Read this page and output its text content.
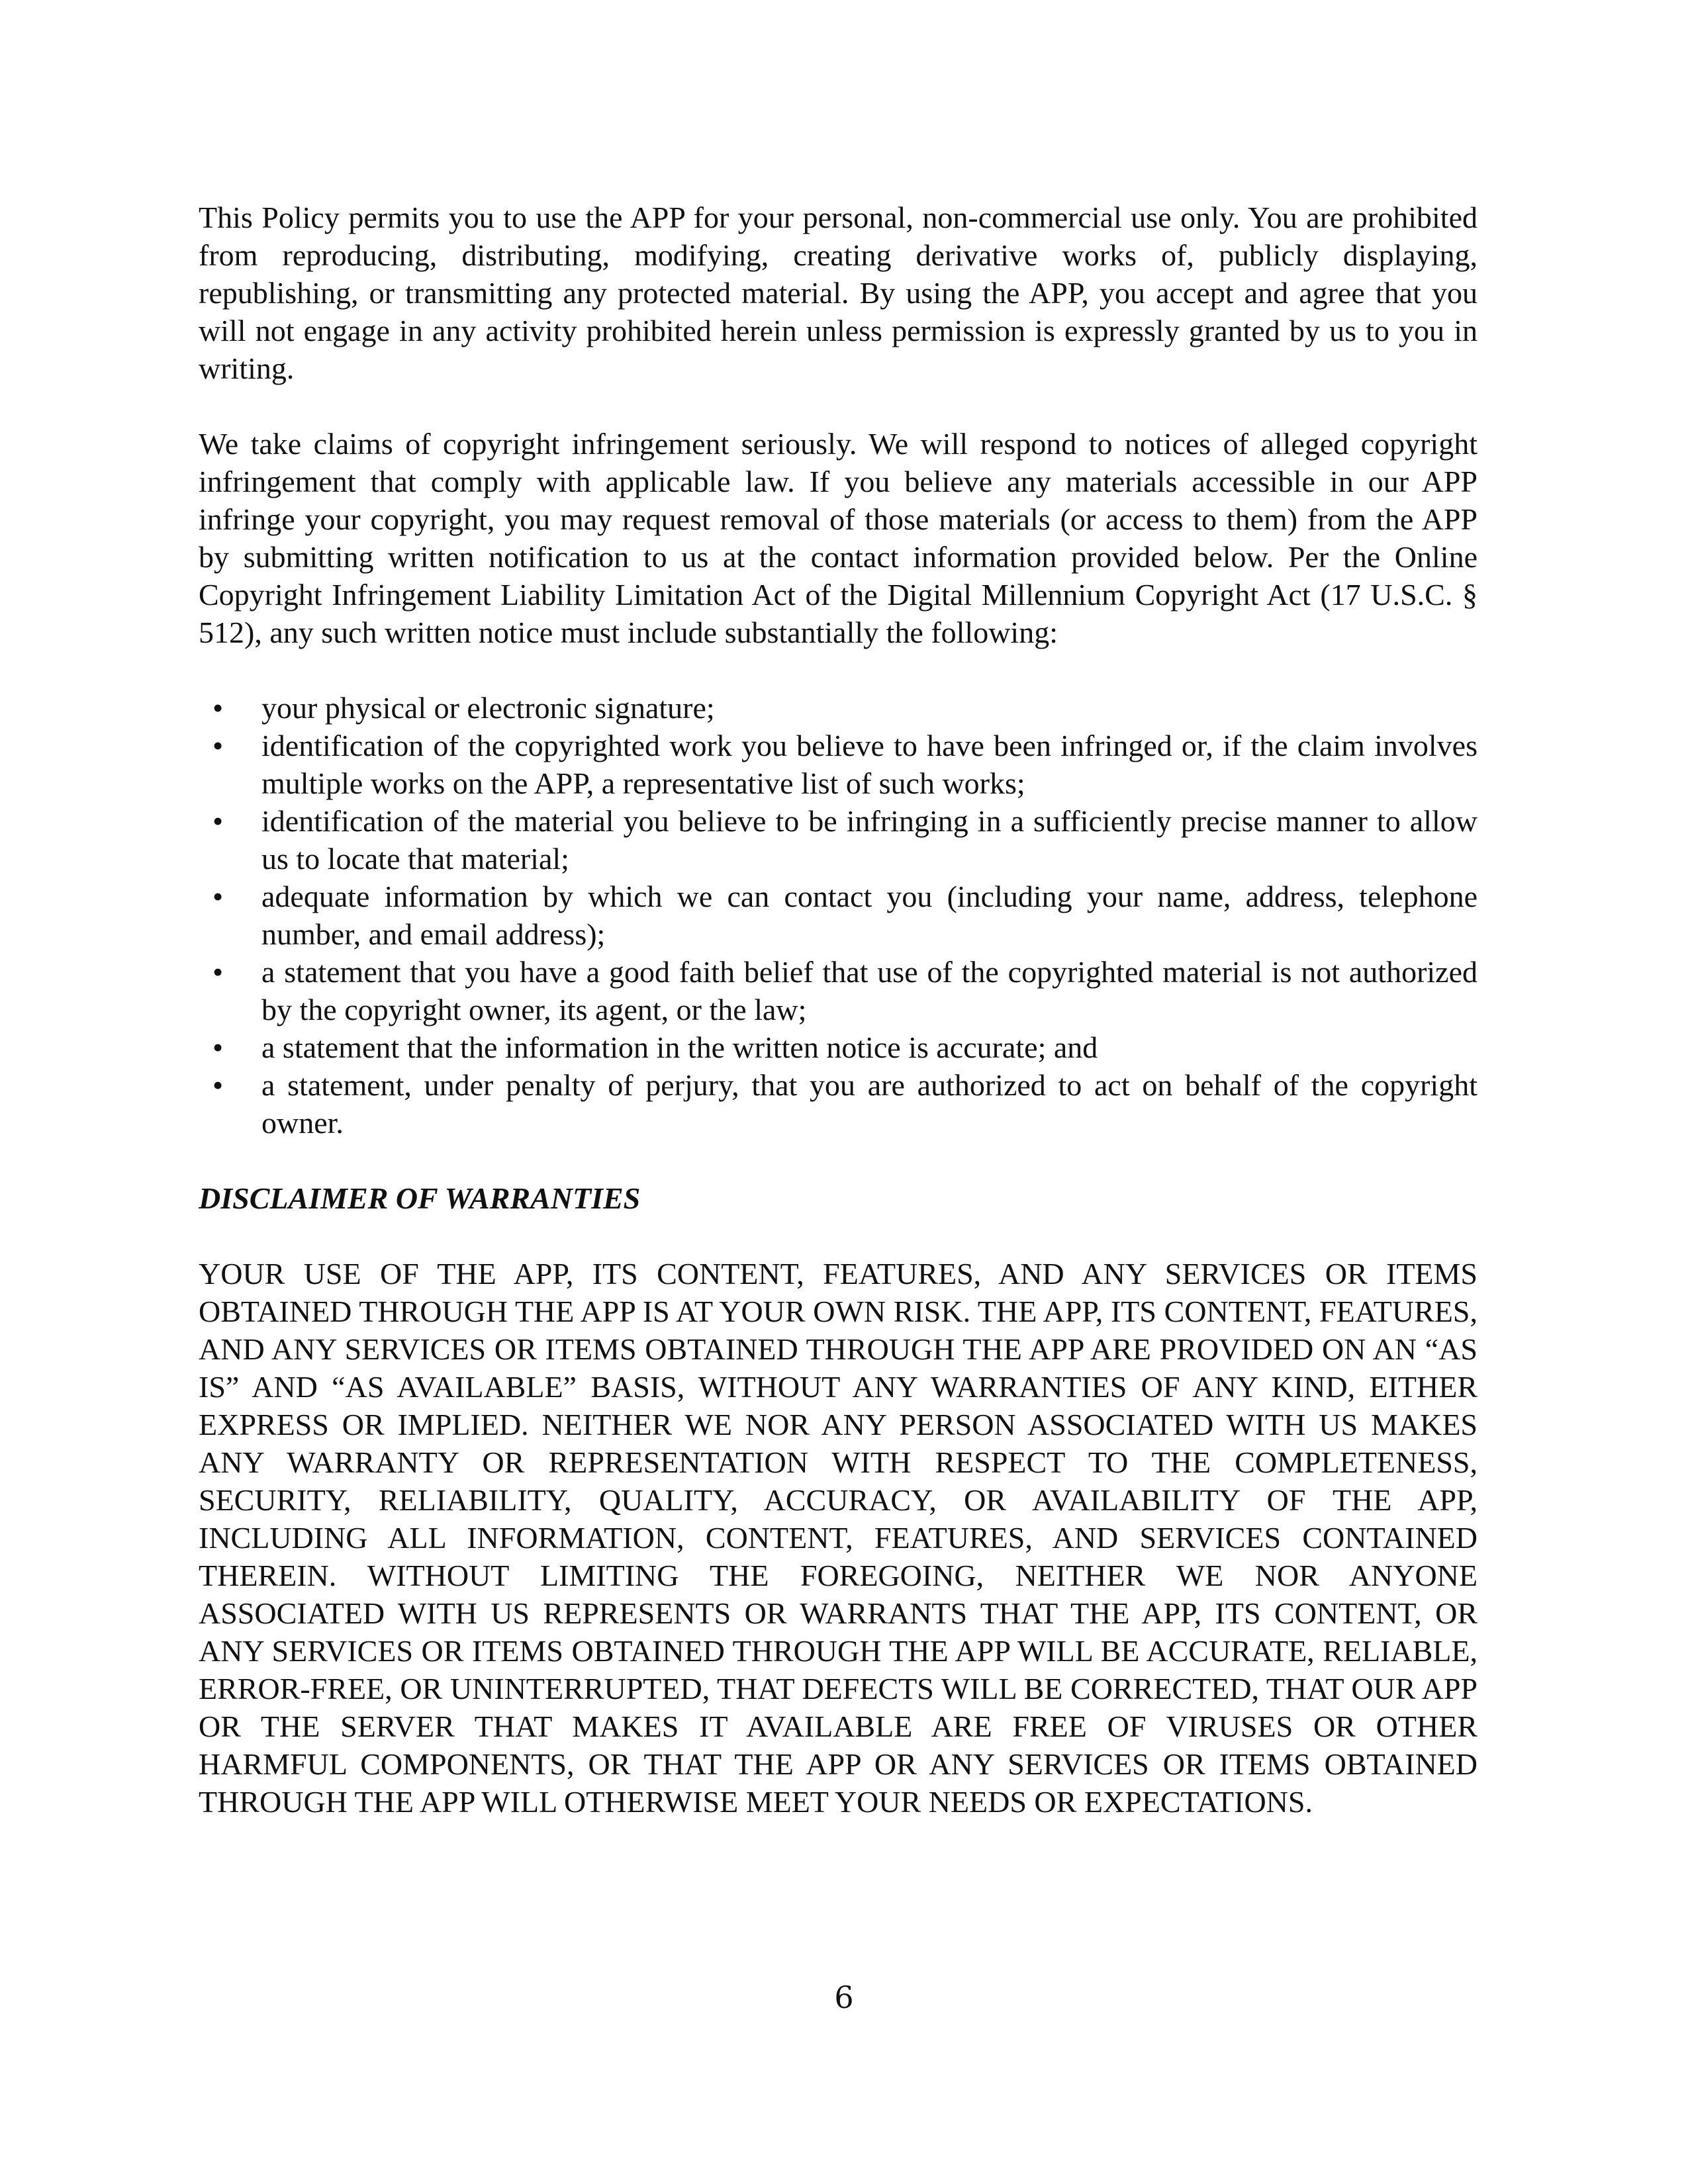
This Policy permits you to use the APP for your personal, non-commercial use only. You are prohibited from reproducing, distributing, modifying, creating derivative works of, publicly displaying, republishing, or transmitting any protected material. By using the APP, you accept and agree that you will not engage in any activity prohibited herein unless permission is expressly granted by us to you in writing.

We take claims of copyright infringement seriously. We will respond to notices of alleged copyright infringement that comply with applicable law. If you believe any materials accessible in our APP infringe your copyright, you may request removal of those materials (or access to them) from the APP by submitting written notification to us at the contact information provided below. Per the Online Copyright Infringement Liability Limitation Act of the Digital Millennium Copyright Act (17 U.S.C. § 512), any such written notice must include substantially the following:

• your physical or electronic signature;
• identification of the copyrighted work you believe to have been infringed or, if the claim involves multiple works on the APP, a representative list of such works;
• identification of the material you believe to be infringing in a sufficiently precise manner to allow us to locate that material;
• adequate information by which we can contact you (including your name, address, telephone number, and email address);
• a statement that you have a good faith belief that use of the copyrighted material is not authorized by the copyright owner, its agent, or the law;
• a statement that the information in the written notice is accurate; and
• a statement, under penalty of perjury, that you are authorized to act on behalf of the copyright owner.
DISCLAIMER OF WARRANTIES

YOUR USE OF THE APP, ITS CONTENT, FEATURES, AND ANY SERVICES OR ITEMS OBTAINED THROUGH THE APP IS AT YOUR OWN RISK. THE APP, ITS CONTENT, FEATURES, AND ANY SERVICES OR ITEMS OBTAINED THROUGH THE APP ARE PROVIDED ON AN “AS IS” AND “AS AVAILABLE” BASIS, WITHOUT ANY WARRANTIES OF ANY KIND, EITHER EXPRESS OR IMPLIED. NEITHER WE NOR ANY PERSON ASSOCIATED WITH US MAKES ANY WARRANTY OR REPRESENTATION WITH RESPECT TO THE COMPLETENESS, SECURITY, RELIABILITY, QUALITY, ACCURACY, OR AVAILABILITY OF THE APP, INCLUDING ALL INFORMATION, CONTENT, FEATURES, AND SERVICES CONTAINED THEREIN. WITHOUT LIMITING THE FOREGOING, NEITHER WE NOR ANYONE ASSOCIATED WITH US REPRESENTS OR WARRANTS THAT THE APP, ITS CONTENT, OR ANY SERVICES OR ITEMS OBTAINED THROUGH THE APP WILL BE ACCURATE, RELIABLE, ERROR-FREE, OR UNINTERRUPTED, THAT DEFECTS WILL BE CORRECTED, THAT OUR APP OR THE SERVER THAT MAKES IT AVAILABLE ARE FREE OF VIRUSES OR OTHER HARMFUL COMPONENTS, OR THAT THE APP OR ANY SERVICES OR ITEMS OBTAINED THROUGH THE APP WILL OTHERWISE MEET YOUR NEEDS OR EXPECTATIONS.

6
